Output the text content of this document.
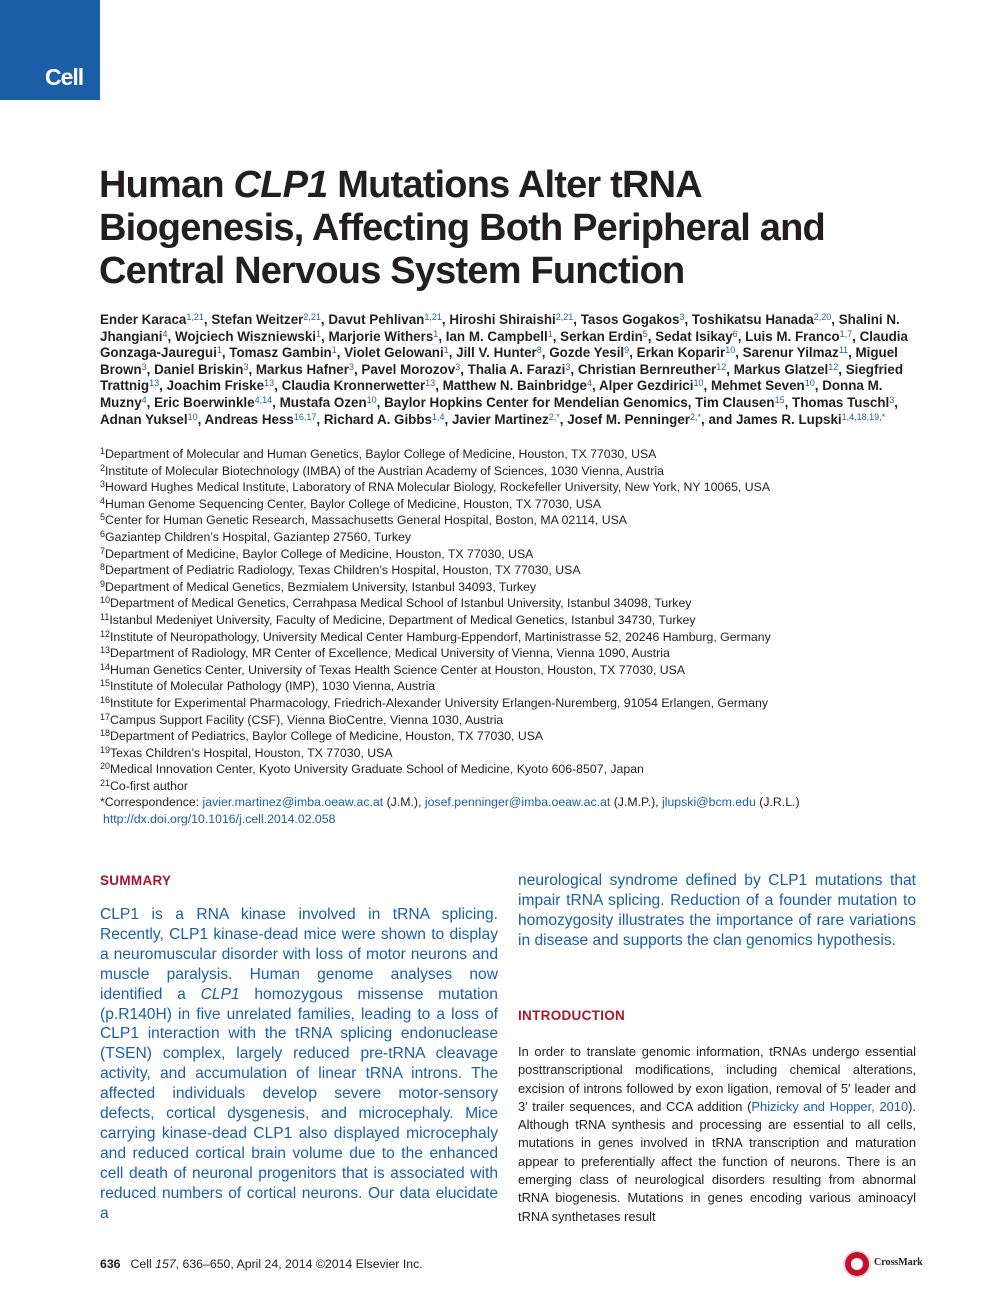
Cell
Human CLP1 Mutations Alter tRNA Biogenesis, Affecting Both Peripheral and Central Nervous System Function
Ender Karaca$^{1,21}$, Stefan Weitzer$^{2,21}$, Davut Pehlivan$^{1,21}$, Hiroshi Shiraishi$^{2,21}$, Tasos Gogakos$^3$, Toshikatsu Hanada$^{2,20}$, Shalini N. Jhangiani$^4$, Wojciech Wiszniewski$^1$, Marjorie Withers$^1$, Ian M. Campbell$^1$, Serkan Erdin$^5$, Sedat Isikay$^6$, Luis M. Franco$^{1,7}$, Claudia Gonzaga-Jauregui$^1$, Tomasz Gambin$^1$, Violet Gelowani$^1$, Jill V. Hunter$^8$, Gozde Yesil$^9$, Erkan Koparir$^{10}$, Sarenur Yilmaz$^{11}$, Miguel Brown$^3$, Daniel Briskin$^3$, Markus Hafner$^3$, Pavel Morozov$^3$, Thalia A. Farazi$^3$, Christian Bernreuther$^{12}$, Markus Glatzel$^{12}$, Siegfried Trattnig$^{13}$, Joachim Friske$^{13}$, Claudia Kronnerwetter$^{13}$, Matthew N. Bainbridge$^4$, Alper Gezdirici$^{10}$, Mehmet Seven$^{10}$, Donna M. Muzny$^4$, Eric Boerwinkle$^{4,14}$, Mustafa Ozen$^{10}$, Baylor Hopkins Center for Mendelian Genomics, Tim Clausen$^{15}$, Thomas Tuschl$^3$, Adnan Yuksel$^{10}$, Andreas Hess$^{16,17}$, Richard A. Gibbs$^{1,4}$, Javier Martinez$^{2,*}$, Josef M. Penninger$^{2,*}$, and James R. Lupski$^{1,4,18,19,*}$
$^1$Department of Molecular and Human Genetics, Baylor College of Medicine, Houston, TX 77030, USA
$^2$Institute of Molecular Biotechnology (IMBA) of the Austrian Academy of Sciences, 1030 Vienna, Austria
$^3$Howard Hughes Medical Institute, Laboratory of RNA Molecular Biology, Rockefeller University, New York, NY 10065, USA
$^4$Human Genome Sequencing Center, Baylor College of Medicine, Houston, TX 77030, USA
$^5$Center for Human Genetic Research, Massachusetts General Hospital, Boston, MA 02114, USA
$^6$Gaziantep Children’s Hospital, Gaziantep 27560, Turkey
$^7$Department of Medicine, Baylor College of Medicine, Houston, TX 77030, USA
$^8$Department of Pediatric Radiology, Texas Children’s Hospital, Houston, TX 77030, USA
$^9$Department of Medical Genetics, Bezmialem University, Istanbul 34093, Turkey
$^{10}$Department of Medical Genetics, Cerrahpasa Medical School of Istanbul University, Istanbul 34098, Turkey
$^{11}$Istanbul Medeniyet University, Faculty of Medicine, Department of Medical Genetics, Istanbul 34730, Turkey
$^{12}$Institute of Neuropathology, University Medical Center Hamburg-Eppendorf, Martinistrasse 52, 20246 Hamburg, Germany
$^{13}$Department of Radiology, MR Center of Excellence, Medical University of Vienna, Vienna 1090, Austria
$^{14}$Human Genetics Center, University of Texas Health Science Center at Houston, Houston, TX 77030, USA
$^{15}$Institute of Molecular Pathology (IMP), 1030 Vienna, Austria
$^{16}$Institute for Experimental Pharmacology, Friedrich-Alexander University Erlangen-Nuremberg, 91054 Erlangen, Germany
$^{17}$Campus Support Facility (CSF), Vienna BioCentre, Vienna 1030, Austria
$^{18}$Department of Pediatrics, Baylor College of Medicine, Houston, TX 77030, USA
$^{19}$Texas Children’s Hospital, Houston, TX 77030, USA
$^{20}$Medical Innovation Center, Kyoto University Graduate School of Medicine, Kyoto 606-8507, Japan
$^{21}$Co-first author
*Correspondence: javier.martinez@imba.oeaw.ac.at (J.M.), josef.penninger@imba.oeaw.ac.at (J.M.P.), jlupski@bcm.edu (J.R.L.)
http://dx.doi.org/10.1016/j.cell.2014.02.058
SUMMARY

CLP1 is a RNA kinase involved in tRNA splicing. Recently, CLP1 kinase-dead mice were shown to display a neuromuscular disorder with loss of motor neurons and muscle paralysis. Human genome analyses now identified a CLP1 homozygous missense mutation (p.R140H) in five unrelated families, leading to a loss of CLP1 interaction with the tRNA splicing endonuclease (TSEN) complex, largely reduced pre-tRNA cleavage activity, and accumulation of linear tRNA introns. The affected individuals develop severe motor-sensory defects, cortical dysgenesis, and microcephaly. Mice carrying kinase-dead CLP1 also displayed microcephaly and reduced cortical brain volume due to the enhanced cell death of neuronal progenitors that is associated with reduced numbers of cortical neurons. Our data elucidate a

neurological syndrome defined by CLP1 mutations that impair tRNA splicing. Reduction of a founder mutation to homozygosity illustrates the importance of rare variations in disease and supports the clan genomics hypothesis.

INTRODUCTION

In order to translate genomic information, tRNAs undergo essential posttranscriptional modifications, including chemical alterations, excision of introns followed by exon ligation, removal of 5′ leader and 3′ trailer sequences, and CCA addition (Phizicky and Hopper, 2010). Although tRNA synthesis and processing are essential to all cells, mutations in genes involved in tRNA transcription and maturation appear to preferentially affect the function of neurons. There is an emerging class of neurological disorders resulting from abnormal tRNA biogenesis. Mutations in genes encoding various aminoacyl tRNA synthetases result

636 Cell 157, 636–650, April 24, 2014 ©2014 Elsevier Inc.	CrossMark
